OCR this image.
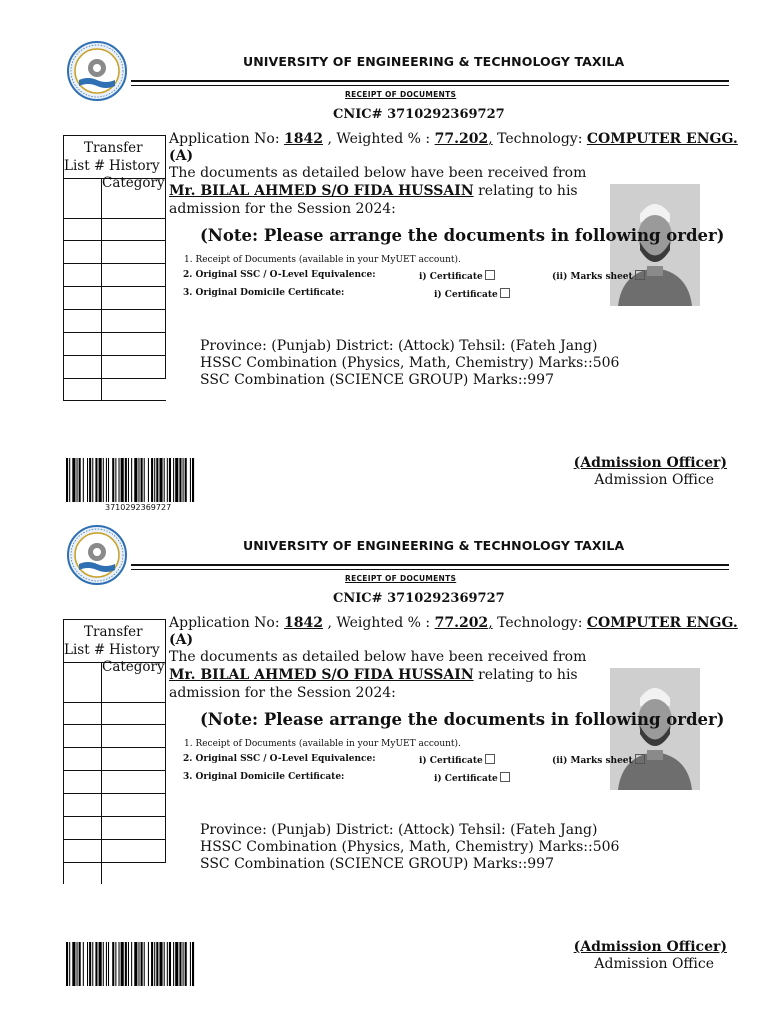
UNIVERSITY OF ENGINEERING & TECHNOLOGY TAXILA
RECEIPT OF DOCUMENTS
CNIC# 3710292369727
Transfer
List # History
Category
Application No: 1842 , Weighted % : 77.202, Technology: COMPUTER ENGG.
(A)
The documents as detailed below have been received from
Mr. BILAL AHMED S/O FIDA HUSSAIN relating to his
admission for the Session 2024:
(Note: Please arrange the documents in following order)
1. Receipt of Documents (available in your MyUET account).
2. Original SSC / O-Level Equivalence:	i) Certificate	(ii) Marks sheet
3. Original Domicile Certificate:	i) Certificate
Province: (Punjab) District: (Attock) Tehsil: (Fateh Jang)
HSSC Combination (Physics, Math, Chemistry) Marks::506
SSC Combination (SCIENCE GROUP) Marks::997
(Admission Officer)
Admission Office
3710292369727
UNIVERSITY OF ENGINEERING & TECHNOLOGY TAXILA
RECEIPT OF DOCUMENTS
CNIC# 3710292369727
Transfer
List # History
Category
Application No: 1842 , Weighted % : 77.202, Technology: COMPUTER ENGG.
(A)
The documents as detailed below have been received from
Mr. BILAL AHMED S/O FIDA HUSSAIN relating to his
admission for the Session 2024:
(Note: Please arrange the documents in following order)
1. Receipt of Documents (available in your MyUET account).
2. Original SSC / O-Level Equivalence:	i) Certificate	(ii) Marks sheet
3. Original Domicile Certificate:	i) Certificate
Province: (Punjab) District: (Attock) Tehsil: (Fateh Jang)
HSSC Combination (Physics, Math, Chemistry) Marks::506
SSC Combination (SCIENCE GROUP) Marks::997
(Admission Officer)
Admission Office
